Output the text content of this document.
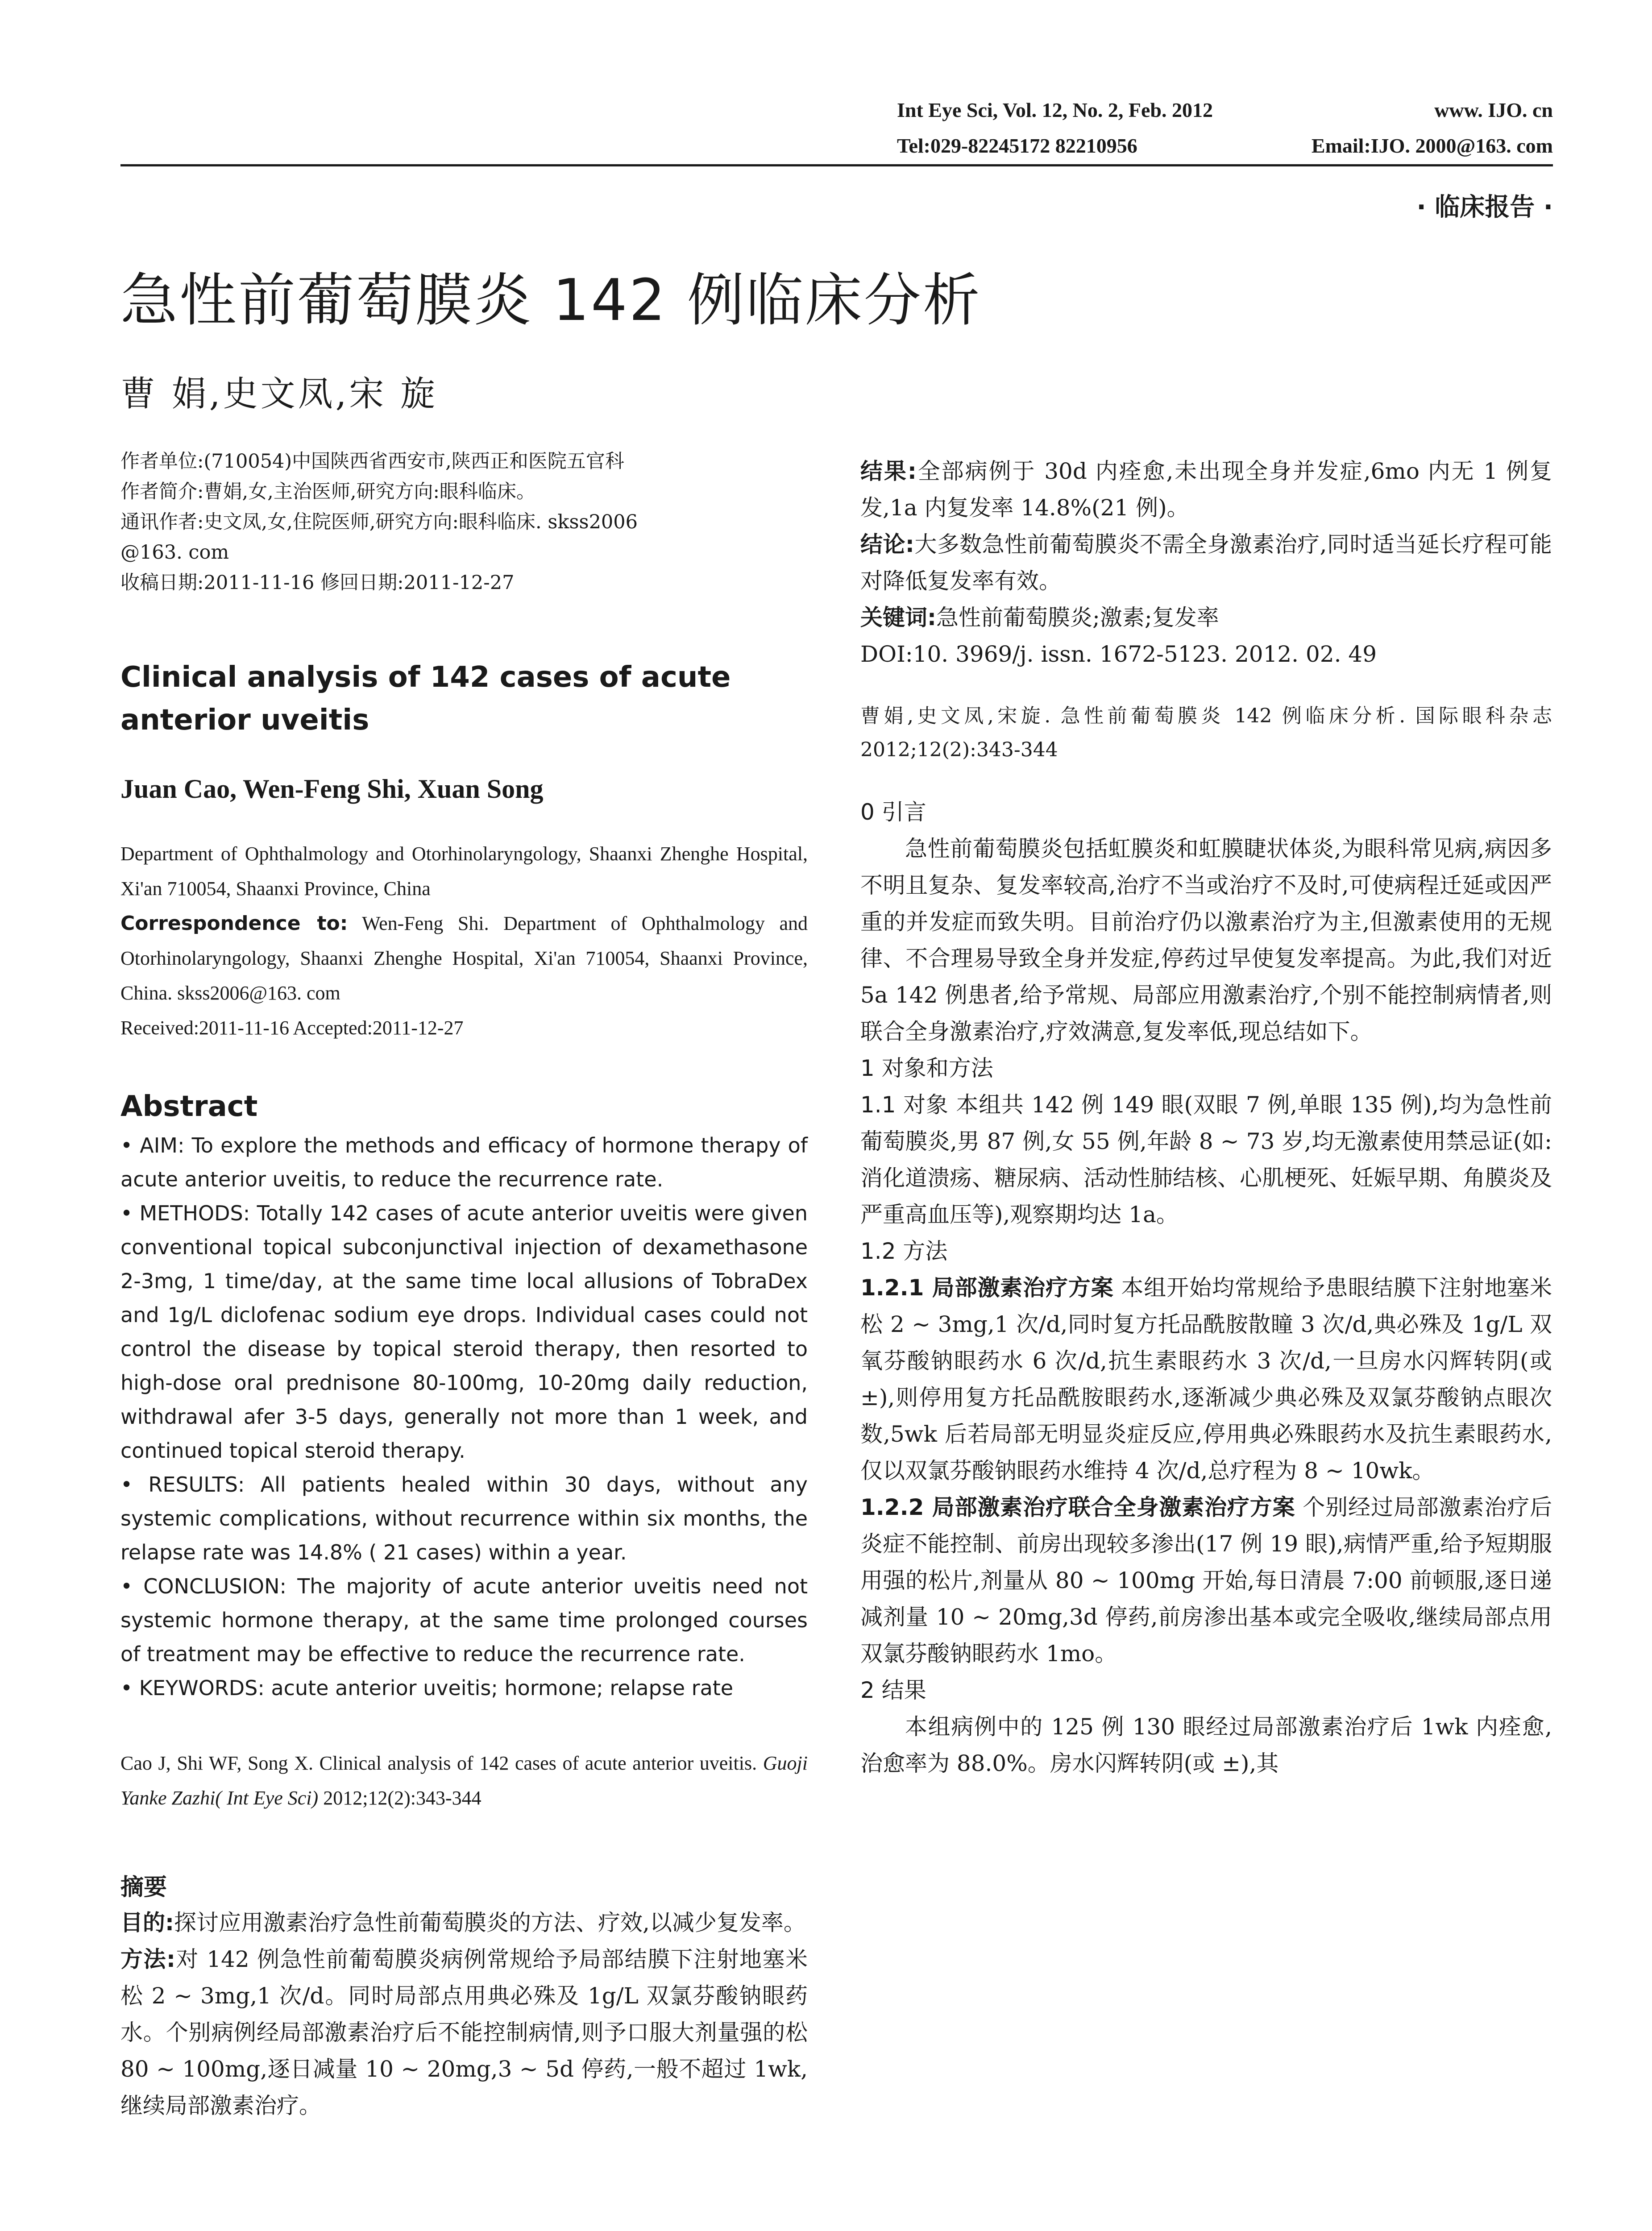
Int Eye Sci, Vol. 12, No. 2, Feb. 2012	www. IJO. cn
Tel:029-82245172 82210956	Email:IJO. 2000@163. com
· 临床报告 ·
急性前葡萄膜炎 142 例临床分析
曹 娟,史文凤,宋 旋

作者单位:(710054)中国陕西省西安市,陕西正和医院五官科

作者简介:曹娟,女,主治医师,研究方向:眼科临床。

通讯作者:史文凤,女,住院医师,研究方向:眼科临床. skss2006

@163. com

收稿日期:2011-11-16 修回日期:2011-12-27

Clinical analysis of 142 cases of acute anterior uveitis

Juan Cao, Wen-Feng Shi, Xuan Song

Department of Ophthalmology and Otorhinolaryngology, Shaanxi Zhenghe Hospital, Xi'an 710054, Shaanxi Province, China

Correspondence to: Wen-Feng Shi. Department of Ophthalmology and Otorhinolaryngology, Shaanxi Zhenghe Hospital, Xi'an 710054, Shaanxi Province, China. skss2006@163. com

Received:2011-11-16 Accepted:2011-12-27

Abstract

• AIM: To explore the methods and efficacy of hormone therapy of acute anterior uveitis, to reduce the recurrence rate.

• METHODS: Totally 142 cases of acute anterior uveitis were given conventional topical subconjunctival injection of dexamethasone 2-3mg, 1 time/day, at the same time local allusions of TobraDex and 1g/L diclofenac sodium eye drops. Individual cases could not control the disease by topical steroid therapy, then resorted to high-dose oral prednisone 80-100mg, 10-20mg daily reduction, withdrawal afer 3-5 days, generally not more than 1 week, and continued topical steroid therapy.

• RESULTS: All patients healed within 30 days, without any systemic complications, without recurrence within six months, the relapse rate was 14.8% ( 21 cases) within a year.

• CONCLUSION: The majority of acute anterior uveitis need not systemic hormone therapy, at the same time prolonged courses of treatment may be effective to reduce the recurrence rate.

• KEYWORDS: acute anterior uveitis; hormone; relapse rate

Cao J, Shi WF, Song X. Clinical analysis of 142 cases of acute anterior uveitis. Guoji Yanke Zazhi( Int Eye Sci) 2012;12(2):343-344

摘要

目的:探讨应用激素治疗急性前葡萄膜炎的方法、疗效,以减少复发率。

方法:对 142 例急性前葡萄膜炎病例常规给予局部结膜下注射地塞米松 2 ~ 3mg,1 次/d。同时局部点用典必殊及 1g/L 双氯芬酸钠眼药水。个别病例经局部激素治疗后不能控制病情,则予口服大剂量强的松 80 ~ 100mg,逐日减量 10 ~ 20mg,3 ~ 5d 停药,一般不超过 1wk,继续局部激素治疗。

结果:全部病例于 30d 内痊愈,未出现全身并发症,6mo 内无 1 例复发,1a 内复发率 14.8%(21 例)。

结论:大多数急性前葡萄膜炎不需全身激素治疗,同时适当延长疗程可能对降低复发率有效。

关键词:急性前葡萄膜炎;激素;复发率

DOI:10. 3969/j. issn. 1672-5123. 2012. 02. 49

曹娟,史文凤,宋旋. 急性前葡萄膜炎 142 例临床分析. 国际眼科杂志 2012;12(2):343-344

0 引言

急性前葡萄膜炎包括虹膜炎和虹膜睫状体炎,为眼科常见病,病因多不明且复杂、复发率较高,治疗不当或治疗不及时,可使病程迁延或因严重的并发症而致失明。目前治疗仍以激素治疗为主,但激素使用的无规律、不合理易导致全身并发症,停药过早使复发率提高。为此,我们对近 5a 142 例患者,给予常规、局部应用激素治疗,个别不能控制病情者,则联合全身激素治疗,疗效满意,复发率低,现总结如下。

1 对象和方法

1.1 对象 本组共 142 例 149 眼(双眼 7 例,单眼 135 例),均为急性前葡萄膜炎,男 87 例,女 55 例,年龄 8 ~ 73 岁,均无激素使用禁忌证(如:消化道溃疡、糖尿病、活动性肺结核、心肌梗死、妊娠早期、角膜炎及严重高血压等),观察期均达 1a。

1.2 方法

1.2.1 局部激素治疗方案 本组开始均常规给予患眼结膜下注射地塞米松 2 ~ 3mg,1 次/d,同时复方托品酰胺散瞳 3 次/d,典必殊及 1g/L 双氧芬酸钠眼药水 6 次/d,抗生素眼药水 3 次/d,一旦房水闪辉转阴(或 ±),则停用复方托品酰胺眼药水,逐渐减少典必殊及双氯芬酸钠点眼次数,5wk 后若局部无明显炎症反应,停用典必殊眼药水及抗生素眼药水,仅以双氯芬酸钠眼药水维持 4 次/d,总疗程为 8 ~ 10wk。

1.2.2 局部激素治疗联合全身激素治疗方案 个别经过局部激素治疗后炎症不能控制、前房出现较多渗出(17 例 19 眼),病情严重,给予短期服用强的松片,剂量从 80 ~ 100mg 开始,每日清晨 7:00 前顿服,逐日递减剂量 10 ~ 20mg,3d 停药,前房渗出基本或完全吸收,继续局部点用双氯芬酸钠眼药水 1mo。

2 结果

本组病例中的 125 例 130 眼经过局部激素治疗后 1wk 内痊愈,治愈率为 88.0%。房水闪辉转阴(或 ±),其
